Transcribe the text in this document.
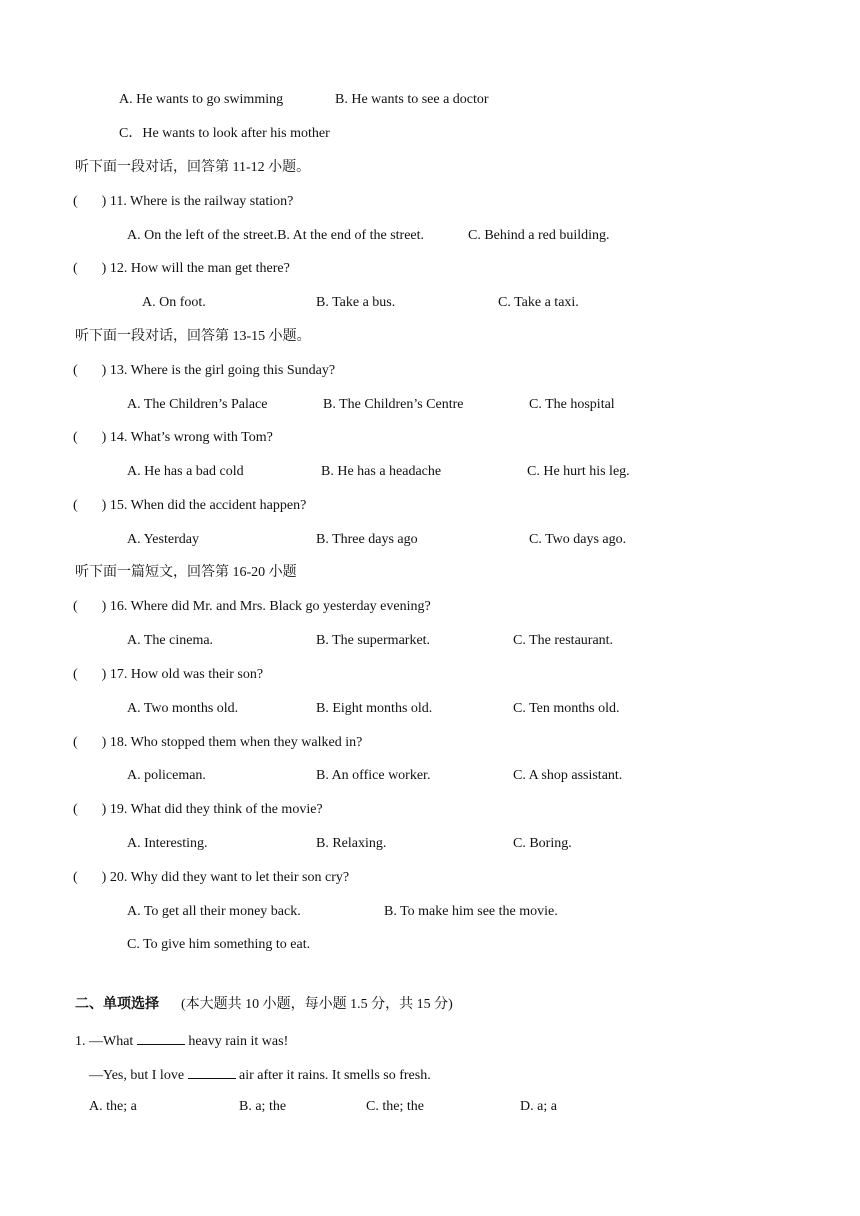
A. He wants to go swimming	B. He wants to see a doctor
C．He wants to look after his mother
听下面一段对话，回答第 11-12 小题。
( ) 11. Where is the railway station?
A. On the left of the street.B. At the end of the street.	C. Behind a red building.
( ) 12. How will the man get there?
A. On foot.	B. Take a bus.	C. Take a taxi.
听下面一段对话，回答第 13-15 小题。
( ) 13. Where is the girl going this Sunday?
A. The Children’s Palace	B. The Children’s Centre	C. The hospital
( ) 14. What’s wrong with Tom?
A. He has a bad cold	B. He has a headache	C. He hurt his leg.
( ) 15. When did the accident happen?
A. Yesterday	B. Three days ago	C. Two days ago.
听下面一篇短文，回答第 16-20 小题
( ) 16. Where did Mr. and Mrs. Black go yesterday evening?
A. The cinema.	B. The supermarket.	C. The restaurant.
( ) 17. How old was their son?
A. Two months old.	B. Eight months old.	C. Ten months old.
( ) 18. Who stopped them when they walked in?
A. policeman.	B. An office worker.	C. A shop assistant.
( ) 19. What did they think of the movie?
A. Interesting.	B. Relaxing.	C. Boring.
( ) 20. Why did they want to let their son cry?
A. To get all their money back.	B. To make him see the movie.
C. To give him something to eat.
二、单项选择 (本大题共 10 小题，每小题 1.5 分，共 15 分)
1. —What	heavy rain it was!
—Yes, but I love	air after it rains. It smells so fresh.
A. the; a	B. a; the	C. the; the	D. a; a
